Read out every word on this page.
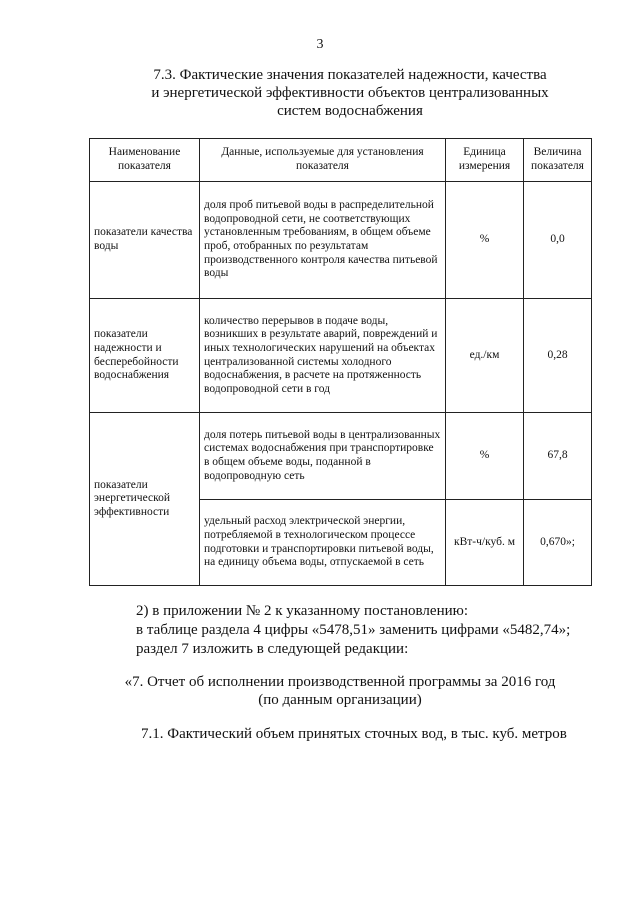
3
7.3. Фактические значения показателей надежности, качества
и энергетической эффективности объектов централизованных
систем водоснабжения
Наименование показателя	Данные, используемые для установления показателя	Единица измерения	Величина показателя
показатели качества воды	доля проб питьевой воды в распределительной водопроводной сети, не соответствующих установленным требованиям, в общем объеме проб, отобранных по результатам производственного контроля качества питьевой воды	%	0,0
показатели надежности и бесперебойности водоснабжения	количество перерывов в подаче воды, возникших в результате аварий, повреждений и иных технологических нарушений на объектах централизованной системы холодного водоснабжения, в расчете на протяженность водопроводной сети в год	ед./км	0,28
показатели энергетической эффективности	доля потерь питьевой воды в централизованных системах водоснабжения при транспортировке в общем объеме воды, поданной в водопроводную сеть	%	67,8
	удельный расход электрической энергии, потребляемой в технологическом процессе подготовки и транспортировки питьевой воды, на единицу объема воды, отпускаемой в сеть	кВт-ч/куб. м	0,670»;
2) в приложении № 2 к указанному постановлению:
в таблице раздела 4 цифры «5478,51» заменить цифрами «5482,74»;
раздел 7 изложить в следующей редакции:
«7. Отчет об исполнении производственной программы за 2016 год
(по данным организации)
7.1. Фактический объем принятых сточных вод, в тыс. куб. метров
